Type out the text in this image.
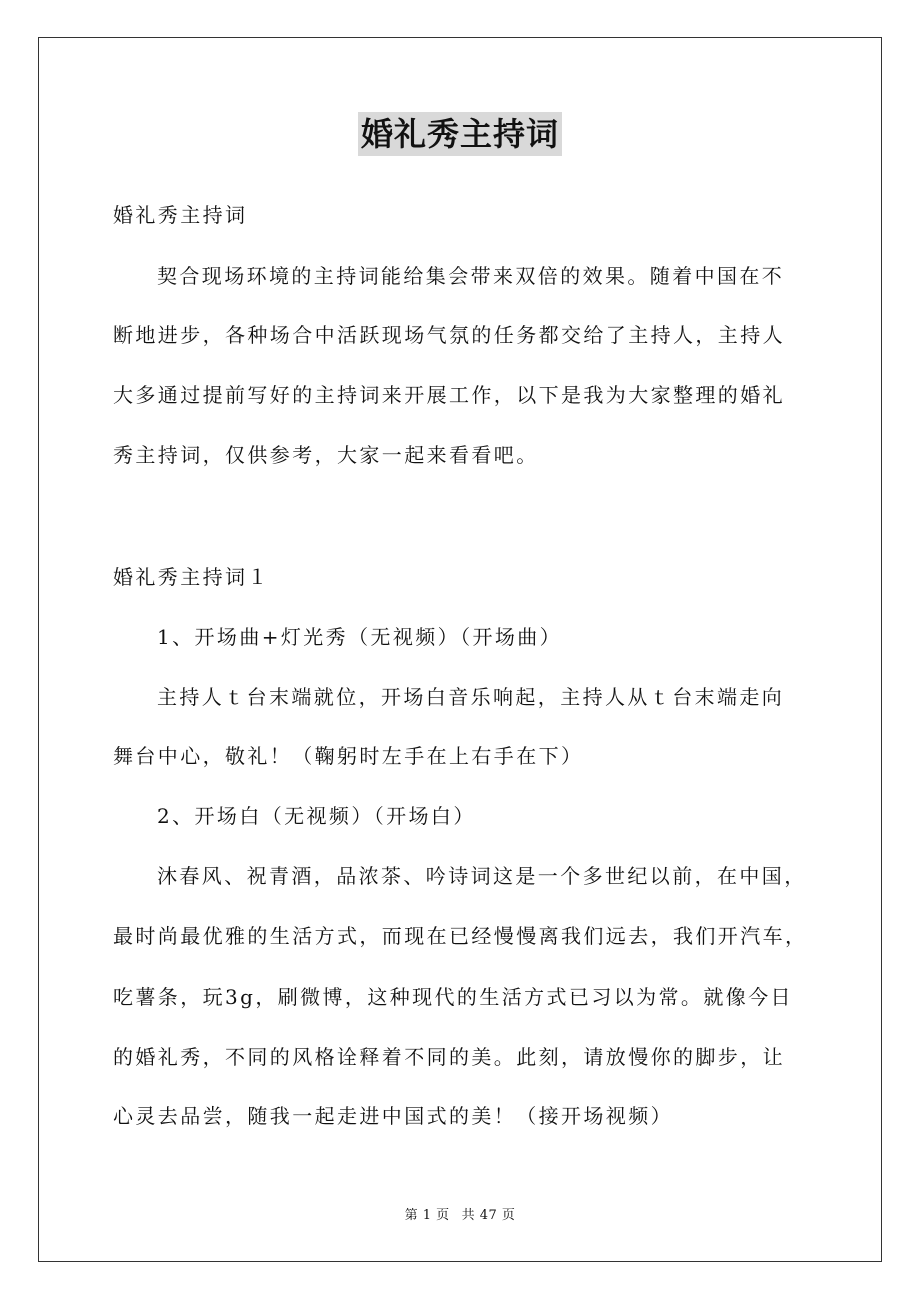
婚礼秀主持词
婚礼秀主持词
契合现场环境的主持词能给集会带来双倍的效果。随着中国在不
断地进步，各种场合中活跃现场气氛的任务都交给了主持人，主持人
大多通过提前写好的主持词来开展工作，以下是我为大家整理的婚礼
秀主持词，仅供参考，大家一起来看看吧。
婚礼秀主持词１
1、开场曲+灯光秀（无视频）（开场曲）
主持人ｔ台末端就位，开场白音乐响起，主持人从ｔ台末端走向
舞台中心，敬礼！（鞠躬时左手在上右手在下）
2、开场白（无视频）（开场白）
沐春风、祝青酒，品浓茶、吟诗词这是一个多世纪以前，在中国，
最时尚最优雅的生活方式，而现在已经慢慢离我们远去，我们开汽车，
吃薯条，玩3g，刷微博，这种现代的生活方式已习以为常。就像今日
的婚礼秀，不同的风格诠释着不同的美。此刻，请放慢你的脚步，让
心灵去品尝，随我一起走进中国式的美！（接开场视频）
第 1 页 共 47 页
